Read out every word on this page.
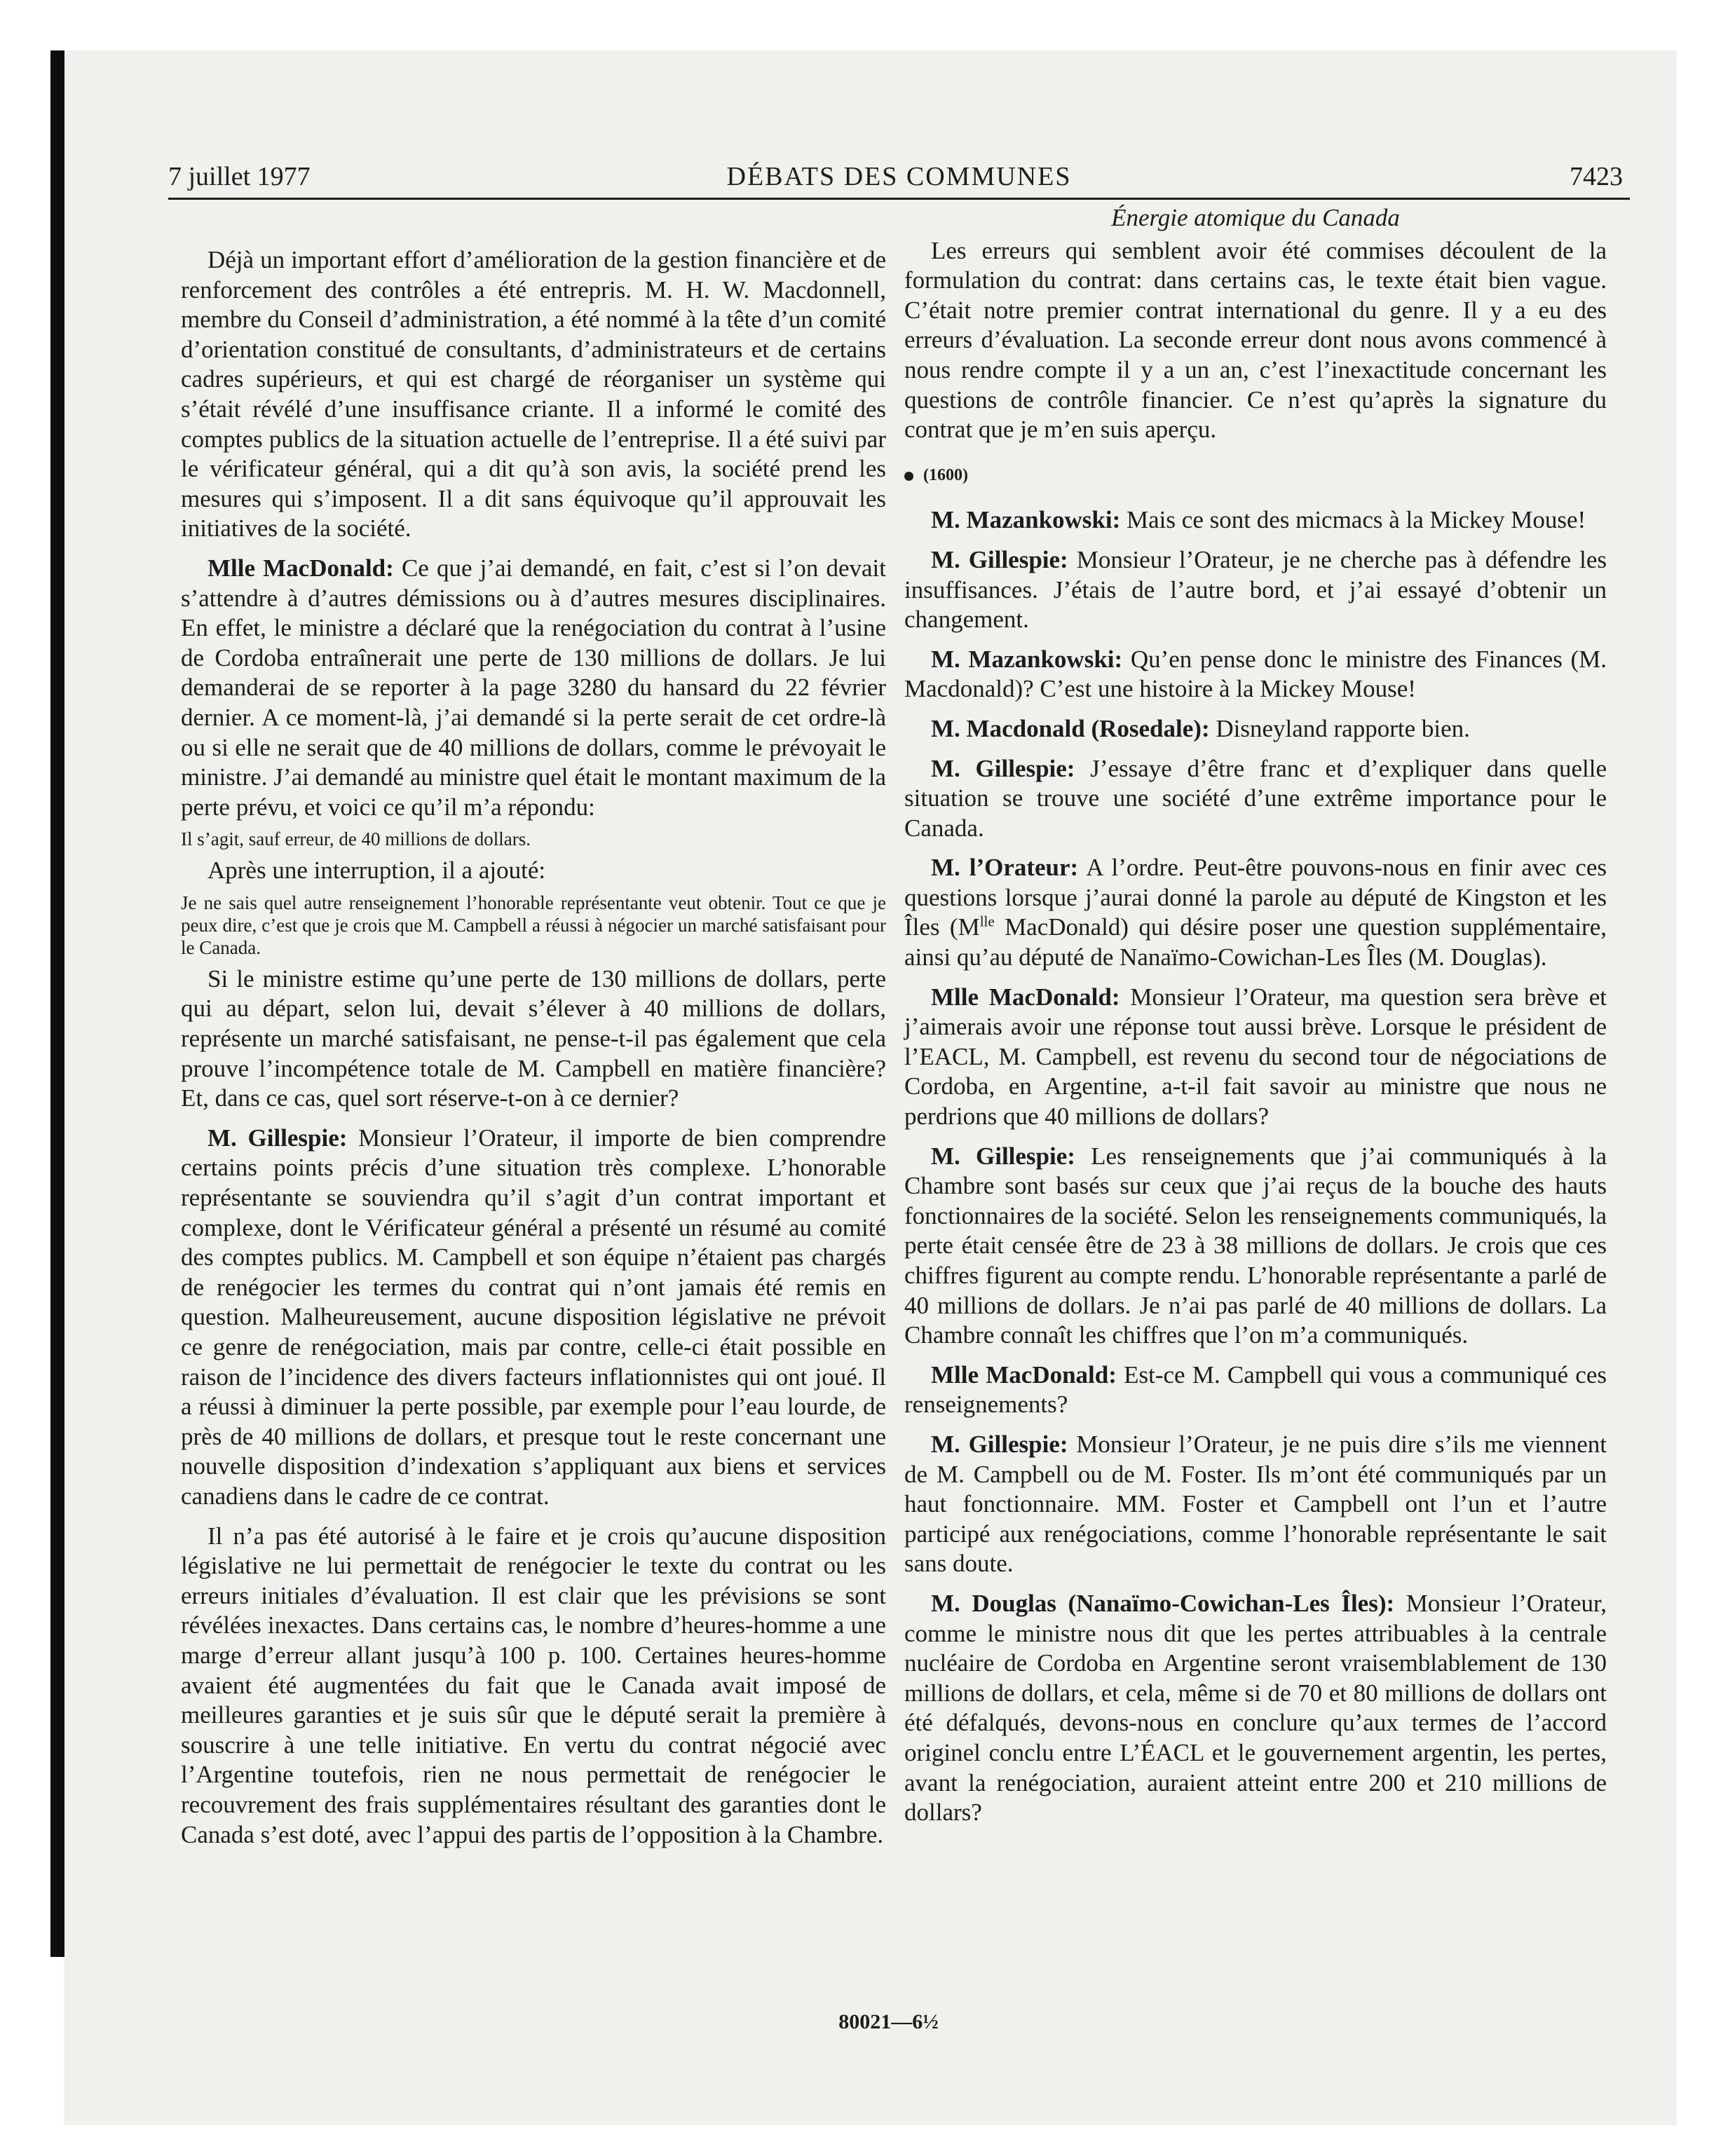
7 juillet 1977	DÉBATS DES COMMUNES	7423

Déjà un important effort d’amélioration de la gestion financière et de renforcement des contrôles a été entrepris. M. H. W. Macdonnell, membre du Conseil d’administration, a été nommé à la tête d’un comité d’orientation constitué de consultants, d’administrateurs et de certains cadres supérieurs, et qui est chargé de réorganiser un système qui s’était révélé d’une insuffisance criante. Il a informé le comité des comptes publics de la situation actuelle de l’entreprise. Il a été suivi par le vérificateur général, qui a dit qu’à son avis, la société prend les mesures qui s’imposent. Il a dit sans équivoque qu’il approuvait les initiatives de la société.

Mlle MacDonald: Ce que j’ai demandé, en fait, c’est si l’on devait s’attendre à d’autres démissions ou à d’autres mesures disciplinaires. En effet, le ministre a déclaré que la renégociation du contrat à l’usine de Cordoba entraînerait une perte de 130 millions de dollars. Je lui demanderai de se reporter à la page 3280 du hansard du 22 février dernier. A ce moment-là, j’ai demandé si la perte serait de cet ordre-là ou si elle ne serait que de 40 millions de dollars, comme le prévoyait le ministre. J’ai demandé au ministre quel était le montant maximum de la perte prévu, et voici ce qu’il m’a répondu:

Il s’agit, sauf erreur, de 40 millions de dollars.

Après une interruption, il a ajouté:

Je ne sais quel autre renseignement l’honorable représentante veut obtenir. Tout ce que je peux dire, c’est que je crois que M. Campbell a réussi à négocier un marché satisfaisant pour le Canada.

Si le ministre estime qu’une perte de 130 millions de dollars, perte qui au départ, selon lui, devait s’élever à 40 millions de dollars, représente un marché satisfaisant, ne pense-t-il pas également que cela prouve l’incompétence totale de M. Campbell en matière financière? Et, dans ce cas, quel sort réserve-t-on à ce dernier?

M. Gillespie: Monsieur l’Orateur, il importe de bien comprendre certains points précis d’une situation très complexe. L’honorable représentante se souviendra qu’il s’agit d’un contrat important et complexe, dont le Vérificateur général a présenté un résumé au comité des comptes publics. M. Campbell et son équipe n’étaient pas chargés de renégocier les termes du contrat qui n’ont jamais été remis en question. Malheureusement, aucune disposition législative ne prévoit ce genre de renégociation, mais par contre, celle-ci était possible en raison de l’incidence des divers facteurs inflationnistes qui ont joué. Il a réussi à diminuer la perte possible, par exemple pour l’eau lourde, de près de 40 millions de dollars, et presque tout le reste concernant une nouvelle disposition d’indexation s’appliquant aux biens et services canadiens dans le cadre de ce contrat.

Il n’a pas été autorisé à le faire et je crois qu’aucune disposition législative ne lui permettait de renégocier le texte du contrat ou les erreurs initiales d’évaluation. Il est clair que les prévisions se sont révélées inexactes. Dans certains cas, le nombre d’heures-homme a une marge d’erreur allant jusqu’à 100 p. 100. Certaines heures-homme avaient été augmentées du fait que le Canada avait imposé de meilleures garanties et je suis sûr que le député serait la première à souscrire à une telle initiative. En vertu du contrat négocié avec l’Argentine toutefois, rien ne nous permettait de renégocier le recouvrement des frais supplémentaires résultant des garanties dont le Canada s’est doté, avec l’appui des partis de l’opposition à la Chambre.

Énergie atomique du Canada

Les erreurs qui semblent avoir été commises découlent de la formulation du contrat: dans certains cas, le texte était bien vague. C’était notre premier contrat international du genre. Il y a eu des erreurs d’évaluation. La seconde erreur dont nous avons commencé à nous rendre compte il y a un an, c’est l’inexactitude concernant les questions de contrôle financier. Ce n’est qu’après la signature du contrat que je m’en suis aperçu.

(1600)

M. Mazankowski: Mais ce sont des micmacs à la Mickey Mouse!

M. Gillespie: Monsieur l’Orateur, je ne cherche pas à défendre les insuffisances. J’étais de l’autre bord, et j’ai essayé d’obtenir un changement.

M. Mazankowski: Qu’en pense donc le ministre des Finances (M. Macdonald)? C’est une histoire à la Mickey Mouse!

M. Macdonald (Rosedale): Disneyland rapporte bien.

M. Gillespie: J’essaye d’être franc et d’expliquer dans quelle situation se trouve une société d’une extrême importance pour le Canada.

M. l’Orateur: A l’ordre. Peut-être pouvons-nous en finir avec ces questions lorsque j’aurai donné la parole au député de Kingston et les Îles ($M^{lle}$ MacDonald) qui désire poser une question supplémentaire, ainsi qu’au député de Nanaïmo-Cowichan-Les Îles (M. Douglas).

Mlle MacDonald: Monsieur l’Orateur, ma question sera brève et j’aimerais avoir une réponse tout aussi brève. Lorsque le président de l’EACL, M. Campbell, est revenu du second tour de négociations de Cordoba, en Argentine, a-t-il fait savoir au ministre que nous ne perdrions que 40 millions de dollars?

M. Gillespie: Les renseignements que j’ai communiqués à la Chambre sont basés sur ceux que j’ai reçus de la bouche des hauts fonctionnaires de la société. Selon les renseignements communiqués, la perte était censée être de 23 à 38 millions de dollars. Je crois que ces chiffres figurent au compte rendu. L’honorable représentante a parlé de 40 millions de dollars. Je n’ai pas parlé de 40 millions de dollars. La Chambre connaît les chiffres que l’on m’a communiqués.

Mlle MacDonald: Est-ce M. Campbell qui vous a communiqué ces renseignements?

M. Gillespie: Monsieur l’Orateur, je ne puis dire s’ils me viennent de M. Campbell ou de M. Foster. Ils m’ont été communiqués par un haut fonctionnaire. MM. Foster et Campbell ont l’un et l’autre participé aux renégociations, comme l’honorable représentante le sait sans doute.

M. Douglas (Nanaïmo-Cowichan-Les Îles): Monsieur l’Orateur, comme le ministre nous dit que les pertes attribuables à la centrale nucléaire de Cordoba en Argentine seront vraisemblablement de 130 millions de dollars, et cela, même si de 70 et 80 millions de dollars ont été défalqués, devons-nous en conclure qu’aux termes de l’accord originel conclu entre L’ÉACL et le gouvernement argentin, les pertes, avant la renégociation, auraient atteint entre 200 et 210 millions de dollars?

80021—6½
